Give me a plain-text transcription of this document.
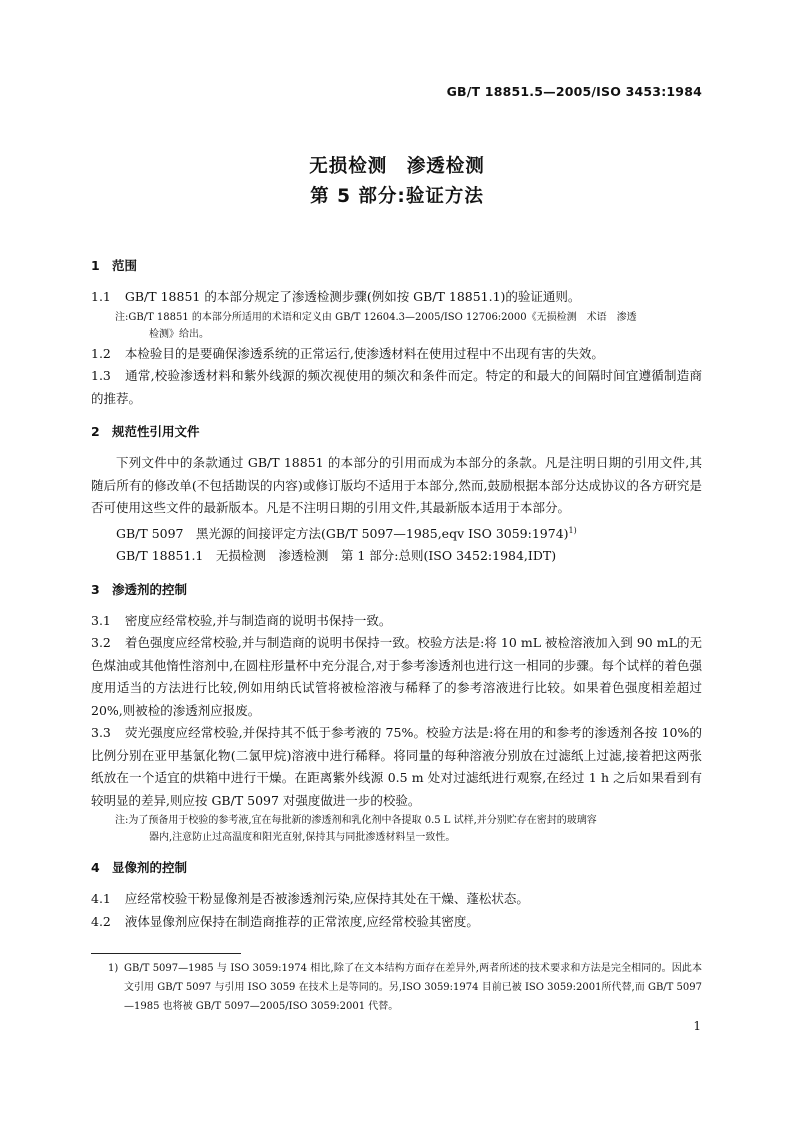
GB/T 18851.5—2005/ISO 3453:1984
无损检测　渗透检测
第 5 部分:验证方法

1 范围

1.1 GB/T 18851 的本部分规定了渗透检测步骤(例如按 GB/T 18851.1)的验证通则。

注:GB/T 18851 的本部分所适用的术语和定义由 GB/T 12604.3—2005/ISO 12706:2000《无损检测　术语　渗透
检测》给出。

1.2 本检验目的是要确保渗透系统的正常运行,使渗透材料在使用过程中不出现有害的失效。

1.3 通常,校验渗透材料和紫外线源的频次视使用的频次和条件而定。特定的和最大的间隔时间宜遵循制造商的推荐。

2 规范性引用文件

下列文件中的条款通过 GB/T 18851 的本部分的引用而成为本部分的条款。凡是注明日期的引用文件,其随后所有的修改单(不包括勘误的内容)或修订版均不适用于本部分,然而,鼓励根据本部分达成协议的各方研究是否可使用这些文件的最新版本。凡是不注明日期的引用文件,其最新版本适用于本部分。

GB/T 5097　黑光源的间接评定方法(GB/T 5097—1985,eqv ISO 3059:1974)$^{1)}$

GB/T 18851.1　无损检测　渗透检测　第 1 部分:总则(ISO 3452:1984,IDT)

3 渗透剂的控制

3.1 密度应经常校验,并与制造商的说明书保持一致。

3.2 着色强度应经常校验,并与制造商的说明书保持一致。校验方法是:将 10 mL 被检溶液加入到 90 mL的无色煤油或其他惰性溶剂中,在圆柱形量杯中充分混合,对于参考渗透剂也进行这一相同的步骤。每个试样的着色强度用适当的方法进行比较,例如用纳氏试管将被检溶液与稀释了的参考溶液进行比较。如果着色强度相差超过 20%,则被检的渗透剂应报废。

3.3 荧光强度应经常校验,并保持其不低于参考液的 75%。校验方法是:将在用的和参考的渗透剂各按 10%的比例分别在亚甲基氯化物(二氯甲烷)溶液中进行稀释。将同量的每种溶液分别放在过滤纸上过滤,接着把这两张纸放在一个适宜的烘箱中进行干燥。在距离紫外线源 0.5 m 处对过滤纸进行观察,在经过 1 h 之后如果看到有较明显的差异,则应按 GB/T 5097 对强度做进一步的校验。

注:为了预备用于校验的参考液,宜在每批新的渗透剂和乳化剂中各提取 0.5 L 试样,并分别贮存在密封的玻璃容
器内,注意防止过高温度和阳光直射,保持其与同批渗透材料呈一致性。

4 显像剂的控制

4.1 应经常校验干粉显像剂是否被渗透剂污染,应保持其处在干燥、蓬松状态。

4.2 液体显像剂应保持在制造商推荐的正常浓度,应经常校验其密度。

1) GB/T 5097—1985 与 ISO 3059:1974 相比,除了在文本结构方面存在差异外,两者所述的技术要求和方法是完全相同的。因此本文引用 GB/T 5097 与引用 ISO 3059 在技术上是等同的。另,ISO 3059:1974 目前已被 ISO 3059:2001所代替,而 GB/T 5097—1985 也将被 GB/T 5097—2005/ISO 3059:2001 代替。
1
